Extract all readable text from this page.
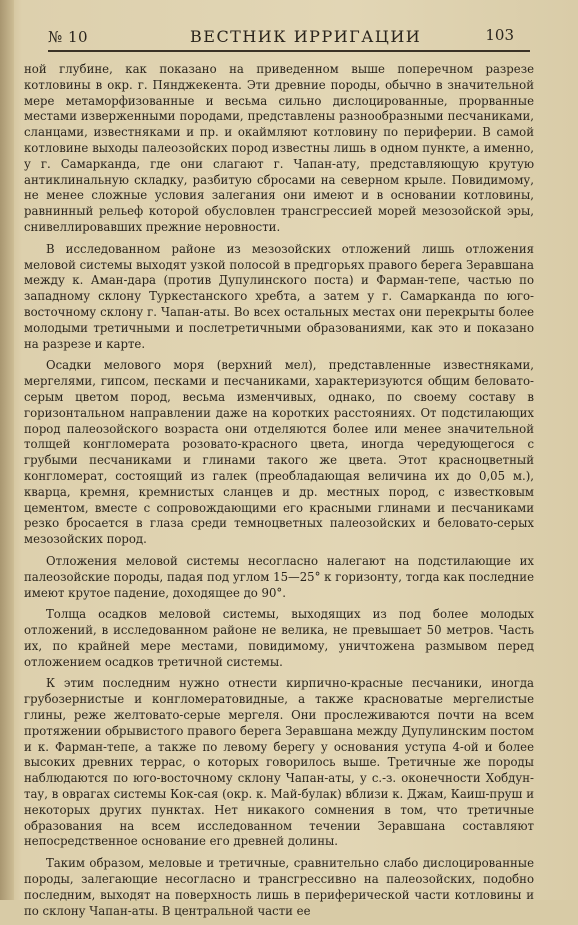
№ 10	ВЕСТНИК ИРРИГАЦИИ	103

ной глубине, как показано на приведенном выше поперечном разрезе котловины в окр. г. Пянджекента. Эти древние породы, обычно в значительной мере метаморфизованные и весьма сильно дислоцированные, прорванные местами изверженными породами, представлены разнообразными песчаниками, сланцами, известняками и пр. и окаймляют котловину по периферии. В самой котловине выходы палеозойских пород известны лишь в одном пункте, а именно, у г. Самарканда, где они слагают г. Чапан-ату, представляющую крутую антиклинальную складку, разбитую сбросами на северном крыле. Повидимому, не менее сложные условия залегания они имеют и в основании котловины, равнинный рельеф которой обусловлен трансгрессией морей мезозойской эры, снивеллировавших прежние неровности.

В исследованном районе из мезозойских отложений лишь отложения меловой системы выходят узкой полосой в предгорьях правого берега Зеравшана между к. Аман-дара (против Дупулинского поста) и Фарман-тепе, частью по западному склону Туркестанского хребта, а затем у г. Самарканда по юго-восточному склону г. Чапан-аты. Во всех остальных местах они перекрыты более молодыми третичными и послетретичными образованиями, как это и показано на разрезе и карте.

Осадки мелового моря (верхний мел), представленные известняками, мергелями, гипсом, песками и песчаниками, характеризуются общим беловато-серым цветом пород, весьма изменчивых, однако, по своему составу в горизонтальном направлении даже на коротких расстояниях. От подстилающих пород палеозойского возраста они отделяются более или менее значительной толщей конгломерата розовато-красного цвета, иногда чередующегося с грубыми песчаниками и глинами такого же цвета. Этот красноцветный конгломерат, состоящий из галек (преобладающая величина их до 0,05 м.), кварца, кремня, кремнистых сланцев и др. местных пород, с известковым цементом, вместе с сопровождающими его красными глинами и песчаниками резко бросается в глаза среди темноцветных палеозойских и беловато-серых мезозойских пород.

Отложения меловой системы несогласно налегают на подстилающие их палеозойские породы, падая под углом 15—25° к горизонту, тогда как последние имеют крутое падение, доходящее до 90°.

Толща осадков меловой системы, выходящих из под более молодых отложений, в исследованном районе не велика, не превышает 50 метров. Часть их, по крайней мере местами, повидимому, уничтожена размывом перед отложением осадков третичной системы.

К этим последним нужно отнести кирпично-красные песчаники, иногда грубозернистые и конгломератовидные, а также красноватые мергелистые глины, реже желтовато-серые мергеля. Они прослеживаются почти на всем протяжении обрывистого правого берега Зеравшана между Дупулинским постом и к. Фарман-тепе, а также по левому берегу у основания уступа 4-ой и более высоких древних террас, о которых говорилось выше. Третичные же породы наблюдаются по юго-восточному склону Чапан-аты, у с.-з. оконечности Хобдун-тау, в оврагах системы Кок-сая (окр. к. Май-булак) вблизи к. Джам, Каиш-пруш и некоторых других пунктах. Нет никакого сомнения в том, что третичные образования на всем исследованном течении Зеравшана составляют непосредственное основание его древней долины.

Таким образом, меловые и третичные, сравнительно слабо дислоцированные породы, залегающие несогласно и трансгрессивно на палеозойских, подобно последним, выходят на поверхность лишь в периферической части котловины и по склону Чапан-аты. В центральной части ее
